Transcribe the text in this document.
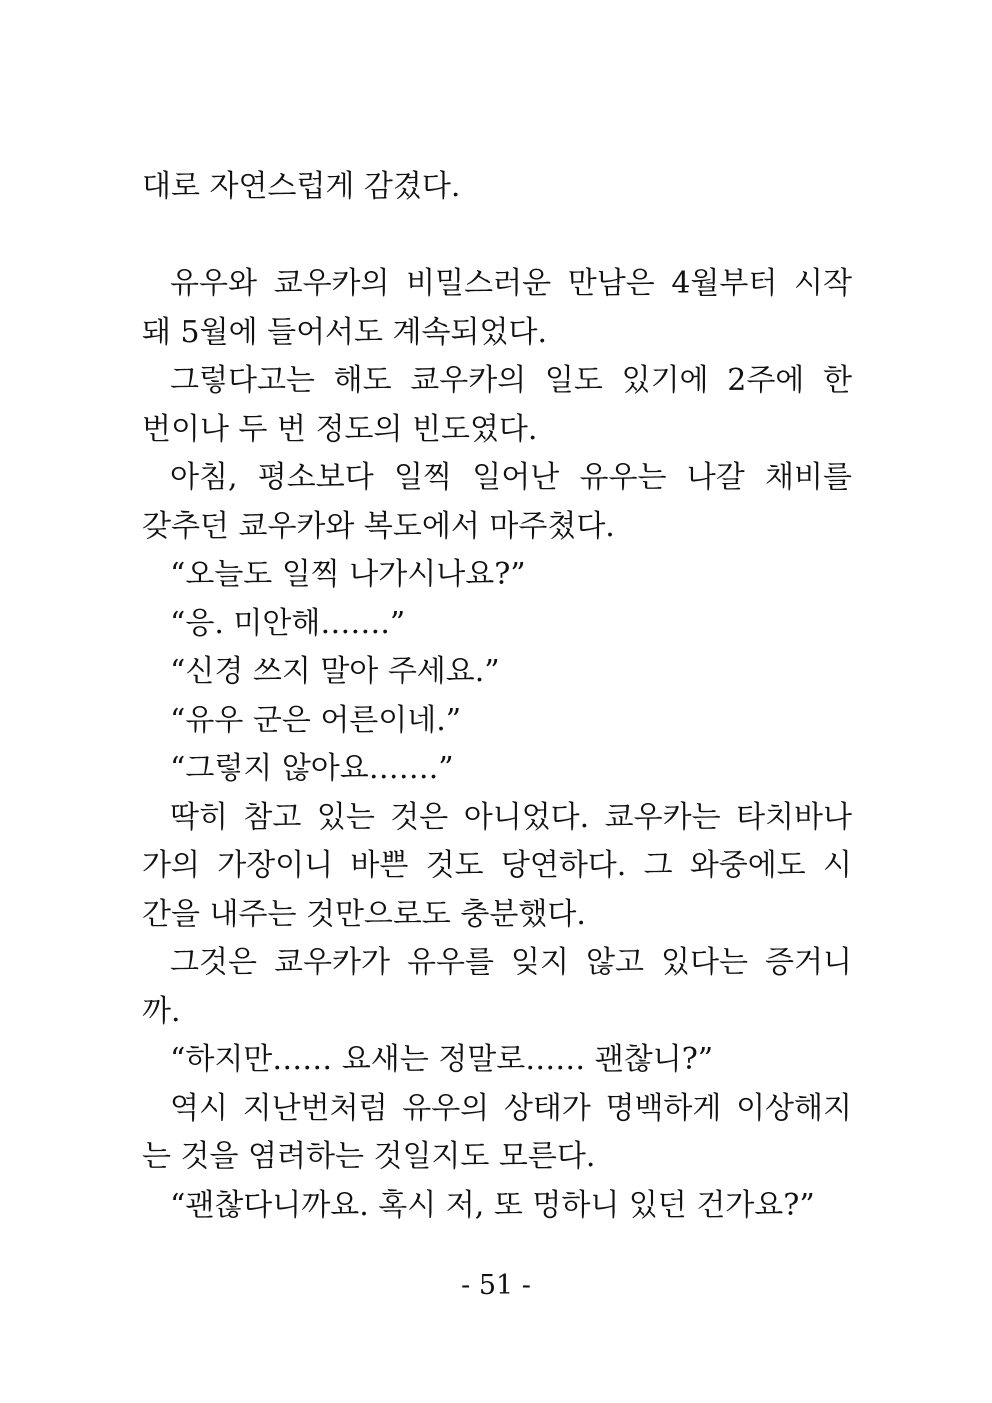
대로 자연스럽게 감겼다.
유우와 쿄우카의 비밀스러운 만남은 4월부터 시작
돼 5월에 들어서도 계속되었다.
그렇다고는 해도 쿄우카의 일도 있기에 2주에 한
번이나 두 번 정도의 빈도였다.
아침, 평소보다 일찍 일어난 유우는 나갈 채비를
갖추던 쿄우카와 복도에서 마주쳤다.
“오늘도 일찍 나가시나요?”
“응. 미안해…….”
“신경 쓰지 말아 주세요.”
“유우 군은 어른이네.”
“그렇지 않아요…….”
딱히 참고 있는 것은 아니었다. 쿄우카는 타치바나
가의 가장이니 바쁜 것도 당연하다. 그 와중에도 시
간을 내주는 것만으로도 충분했다.
그것은 쿄우카가 유우를 잊지 않고 있다는 증거니
까.
“하지만…… 요새는 정말로…… 괜찮니?”
역시 지난번처럼 유우의 상태가 명백하게 이상해지
는 것을 염려하는 것일지도 모른다.
“괜찮다니까요. 혹시 저, 또 멍하니 있던 건가요?”
- 51 -
